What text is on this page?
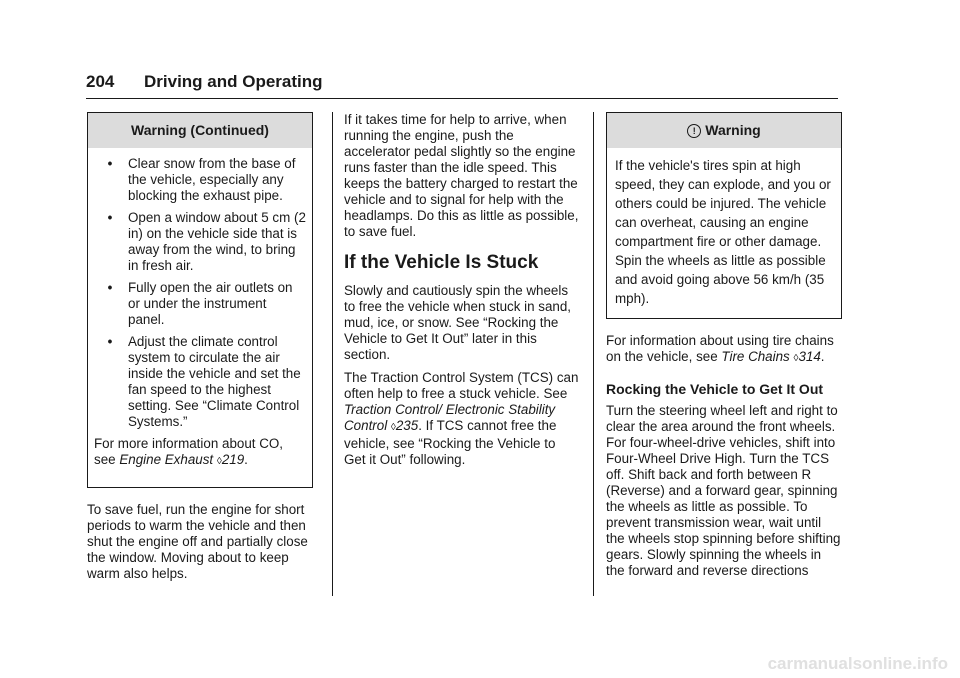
204 Driving and Operating
Warning (Continued)
•	Clear snow from the base of the vehicle, especially any blocking the exhaust pipe.
•	Open a window about 5 cm (2 in) on the vehicle side that is away from the wind, to bring in fresh air.
•	Fully open the air outlets on or under the instrument panel.
•	Adjust the climate control system to circulate the air inside the vehicle and set the fan speed to the highest setting. See “Climate Control Systems.”
For more information about CO, see Engine Exhaust ◊219.
To save fuel, run the engine for short periods to warm the vehicle and then shut the engine off and partially close the window. Moving about to keep warm also helps.
If it takes time for help to arrive, when running the engine, push the accelerator pedal slightly so the engine runs faster than the idle speed. This keeps the battery charged to restart the vehicle and to signal for help with the headlamps. Do this as little as possible, to save fuel.
If the Vehicle Is Stuck
Slowly and cautiously spin the wheels to free the vehicle when stuck in sand, mud, ice, or snow. See “Rocking the Vehicle to Get It Out” later in this section.
The Traction Control System (TCS) can often help to free a stuck vehicle. See Traction Control/ Electronic Stability Control ◊235. If TCS cannot free the vehicle, see “Rocking the Vehicle to Get it Out” following.
! Warning
If the vehicle's tires spin at high speed, they can explode, and you or others could be injured. The vehicle can overheat, causing an engine compartment fire or other damage. Spin the wheels as little as possible and avoid going above 56 km/h (35 mph).
For information about using tire chains on the vehicle, see Tire Chains ◊314.
Rocking the Vehicle to Get It Out
Turn the steering wheel left and right to clear the area around the front wheels. For four-wheel-drive vehicles, shift into Four-Wheel Drive High. Turn the TCS off. Shift back and forth between R (Reverse) and a forward gear, spinning the wheels as little as possible. To prevent transmission wear, wait until the wheels stop spinning before shifting gears. Slowly spinning the wheels in the forward and reverse directions
carmanualsonline.info
